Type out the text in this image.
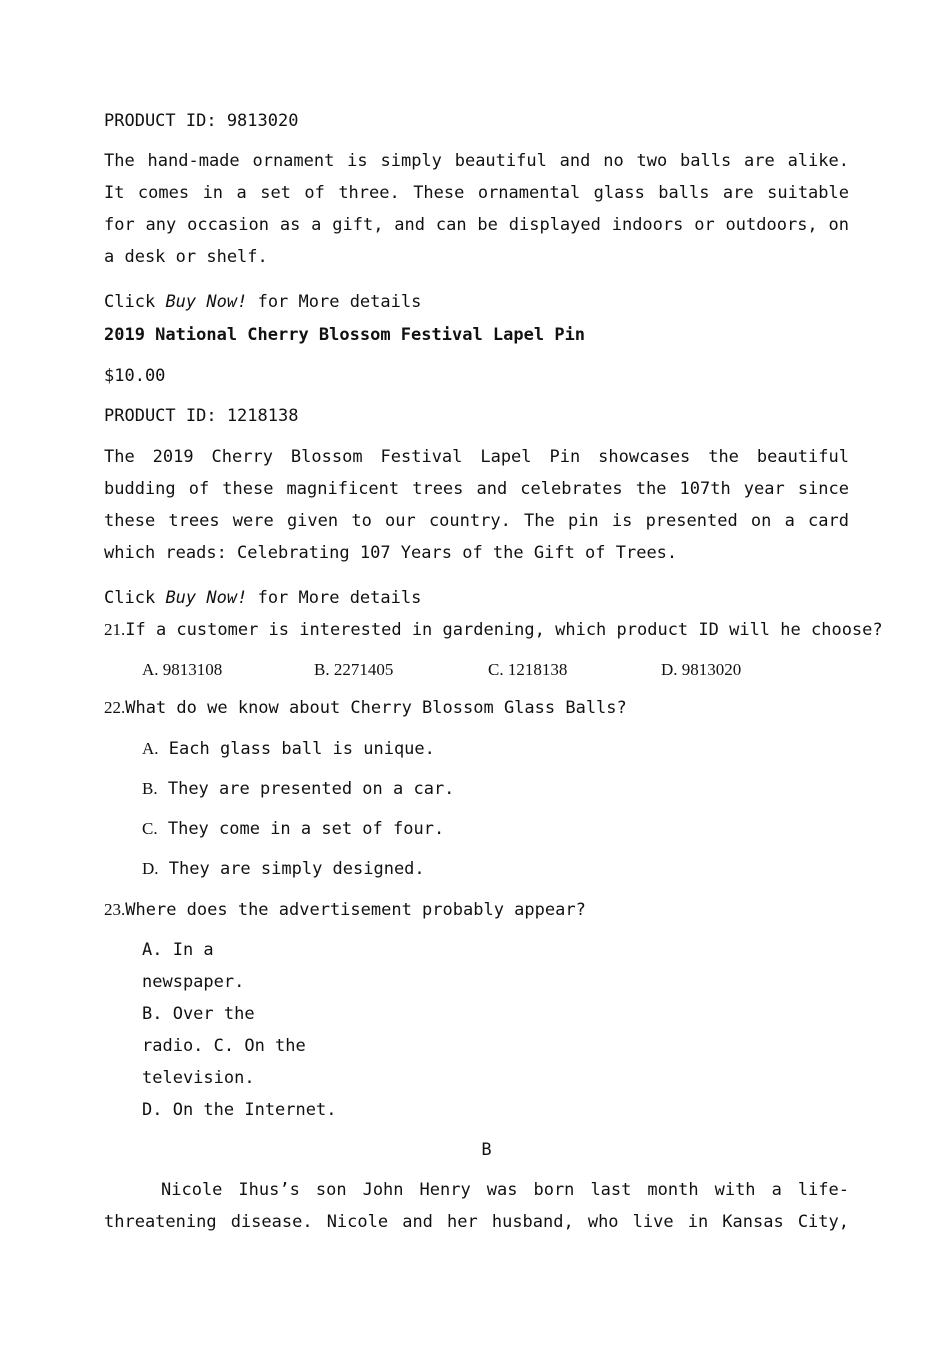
PRODUCT ID: 9813020
The hand-made ornament is simply beautiful and no two balls are alike. It comes in a set of three. These ornamental glass balls are suitable for any occasion as a gift, and can be displayed indoors or outdoors, on a desk or shelf.
Click Buy Now! for More details
2019 National Cherry Blossom Festival Lapel Pin
$10.00
PRODUCT ID: 1218138
The 2019 Cherry Blossom Festival Lapel Pin showcases the beautiful budding of these magnificent trees and celebrates the 107th year since these trees were given to our country. The pin is presented on a card which reads: Celebrating 107 Years of the Gift of Trees.
Click Buy Now! for More details
21.If a customer is interested in gardening, which product ID will he choose?
A. 9813108	B. 2271405	C. 1218138	D. 9813020
22.What do we know about Cherry Blossom Glass Balls?
A. Each glass ball is unique.
B. They are presented on a car.
C. They come in a set of four.
D. They are simply designed.
23.Where does the advertisement probably appear?
A. In a
newspaper.
B. Over the
radio. C. On the
television.
D. On the Internet.
B
Nicole Ihus’s son John Henry was born last month with a life-
threatening disease. Nicole and her husband, who live in Kansas City,
